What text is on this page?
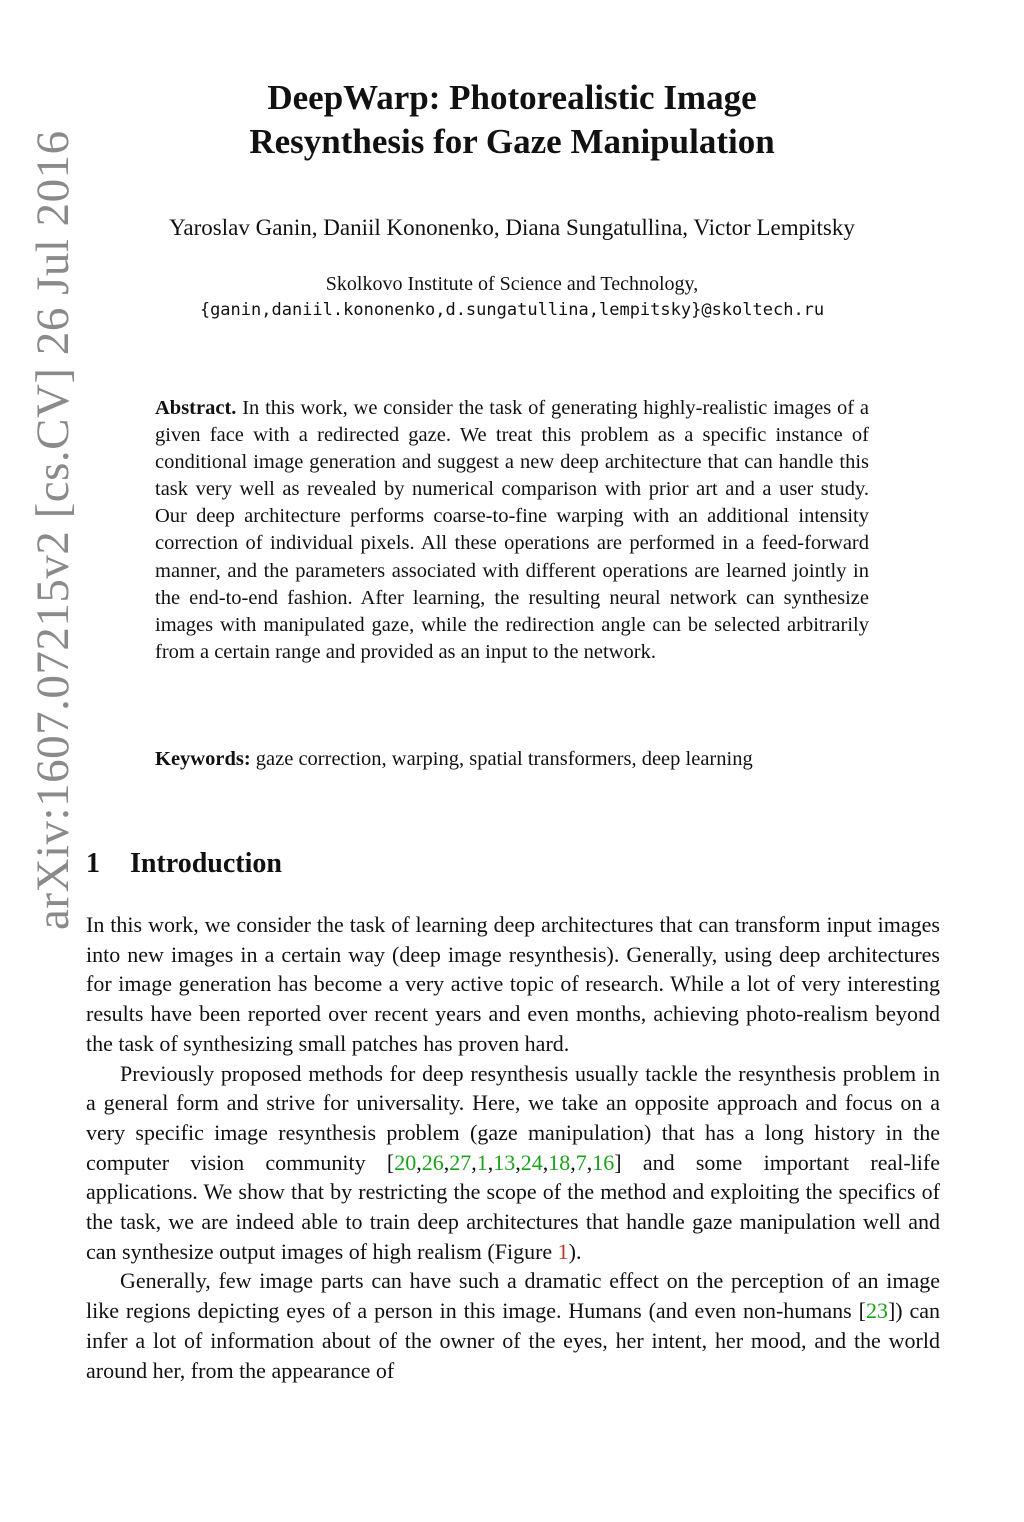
arXiv:1607.07215v2 [cs.CV] 26 Jul 2016
DeepWarp: Photorealistic Image
Resynthesis for Gaze Manipulation
Yaroslav Ganin, Daniil Kononenko, Diana Sungatullina, Victor Lempitsky
Skolkovo Institute of Science and Technology,
{ganin,daniil.kononenko,d.sungatullina,lempitsky}@skoltech.ru
Abstract. In this work, we consider the task of generating highly-realistic images of a given face with a redirected gaze. We treat this problem as a specific instance of conditional image generation and suggest a new deep architecture that can handle this task very well as revealed by numerical comparison with prior art and a user study. Our deep architecture performs coarse-to-fine warping with an additional intensity correction of individual pixels. All these operations are performed in a feed-forward manner, and the parameters associated with different operations are learned jointly in the end-to-end fashion. After learning, the resulting neural network can synthesize images with manipulated gaze, while the redirection angle can be selected arbitrarily from a certain range and provided as an input to the network.
Keywords: gaze correction, warping, spatial transformers, deep learning
1 Introduction

In this work, we consider the task of learning deep architectures that can transform input images into new images in a certain way (deep image resynthesis). Generally, using deep architectures for image generation has become a very active topic of research. While a lot of very interesting results have been reported over recent years and even months, achieving photo-realism beyond the task of synthesizing small patches has proven hard.

Previously proposed methods for deep resynthesis usually tackle the resynthesis problem in a general form and strive for universality. Here, we take an opposite approach and focus on a very specific image resynthesis problem (gaze manipulation) that has a long history in the computer vision community [20,26,27,1,13,24,18,7,16] and some important real-life applications. We show that by restricting the scope of the method and exploiting the specifics of the task, we are indeed able to train deep architectures that handle gaze manipulation well and can synthesize output images of high realism (Figure 1).

Generally, few image parts can have such a dramatic effect on the perception of an image like regions depicting eyes of a person in this image. Humans (and even non-humans [23]) can infer a lot of information about of the owner of the eyes, her intent, her mood, and the world around her, from the appearance of
